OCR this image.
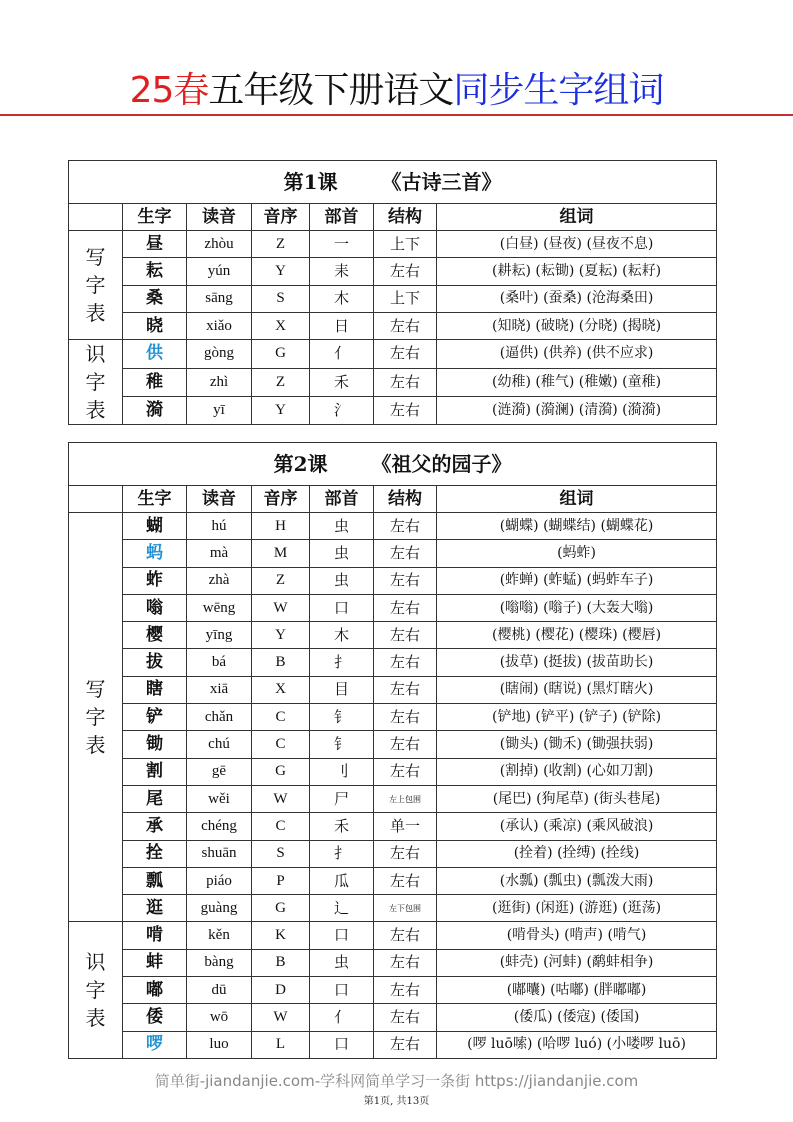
25春五年级下册语文同步生字组词
第1课 《古诗三首》						
	生字	读音	音序	部首	结构	组词
写字表	昼	zhòu	Z	一	上下	(白昼) (昼夜) (昼夜不息)
	耘	yún	Y	耒	左右	(耕耘) (耘锄) (夏耘) (耘耔)
	桑	sāng	S	木	上下	(桑叶) (蚕桑) (沧海桑田)
	晓	xiǎo	X	日	左右	(知晓) (破晓) (分晓) (揭晓)
识字表	供	gòng	G	亻	左右	(逼供) (供养) (供不应求)
	稚	zhì	Z	禾	左右	(幼稚) (稚气) (稚嫩) (童稚)
	漪	yī	Y	氵	左右	(涟漪) (漪澜) (清漪) (漪漪)
第2课 《祖父的园子》						
	生字	读音	音序	部首	结构	组词
写字表	蝴	hú	H	虫	左右	(蝴蝶) (蝴蝶结) (蝴蝶花)
	蚂	mà	M	虫	左右	(蚂蚱)
	蚱	zhà	Z	虫	左右	(蚱蝉) (蚱蜢) (蚂蚱车子)
	嗡	wēng	W	口	左右	(嗡嗡) (嗡子) (大轰大嗡)
	樱	yīng	Y	木	左右	(樱桃) (樱花) (樱珠) (樱唇)
	拔	bá	B	扌	左右	(拔草) (挺拔) (拔苗助长)
	瞎	xiā	X	目	左右	(瞎闹) (瞎说) (黑灯瞎火)
	铲	chǎn	C	钅	左右	(铲地) (铲平) (铲子) (铲除)
	锄	chú	C	钅	左右	(锄头) (锄禾) (锄强扶弱)
	割	gē	G	刂	左右	(割掉) (收割) (心如刀割)
	尾	wěi	W	尸	左上包围	(尾巴) (狗尾草) (街头巷尾)
	承	chéng	C	禾	单一	(承认) (乘凉) (乘风破浪)
	拴	shuān	S	扌	左右	(拴着) (拴缚) (拴线)
	瓢	piáo	P	瓜	左右	(水瓢) (瓢虫) (瓢泼大雨)
	逛	guàng	G	辶	左下包围	(逛街) (闲逛) (游逛) (逛荡)
识字表	啃	kěn	K	口	左右	(啃骨头) (啃声) (啃气)
	蚌	bàng	B	虫	左右	(蚌壳) (河蚌) (鹬蚌相争)
	嘟	dū	D	口	左右	(嘟囔) (咕嘟) (胖嘟嘟)
	倭	wō	W	亻	左右	(倭瓜) (倭寇) (倭国)
	啰	luo	L	口	左右	(啰 luō嗦) (哈啰 luó) (小喽啰 luō)
简单街-jiandanjie.com-学科网简单学习一条街 https://jiandanjie.com
第1页, 共13页
